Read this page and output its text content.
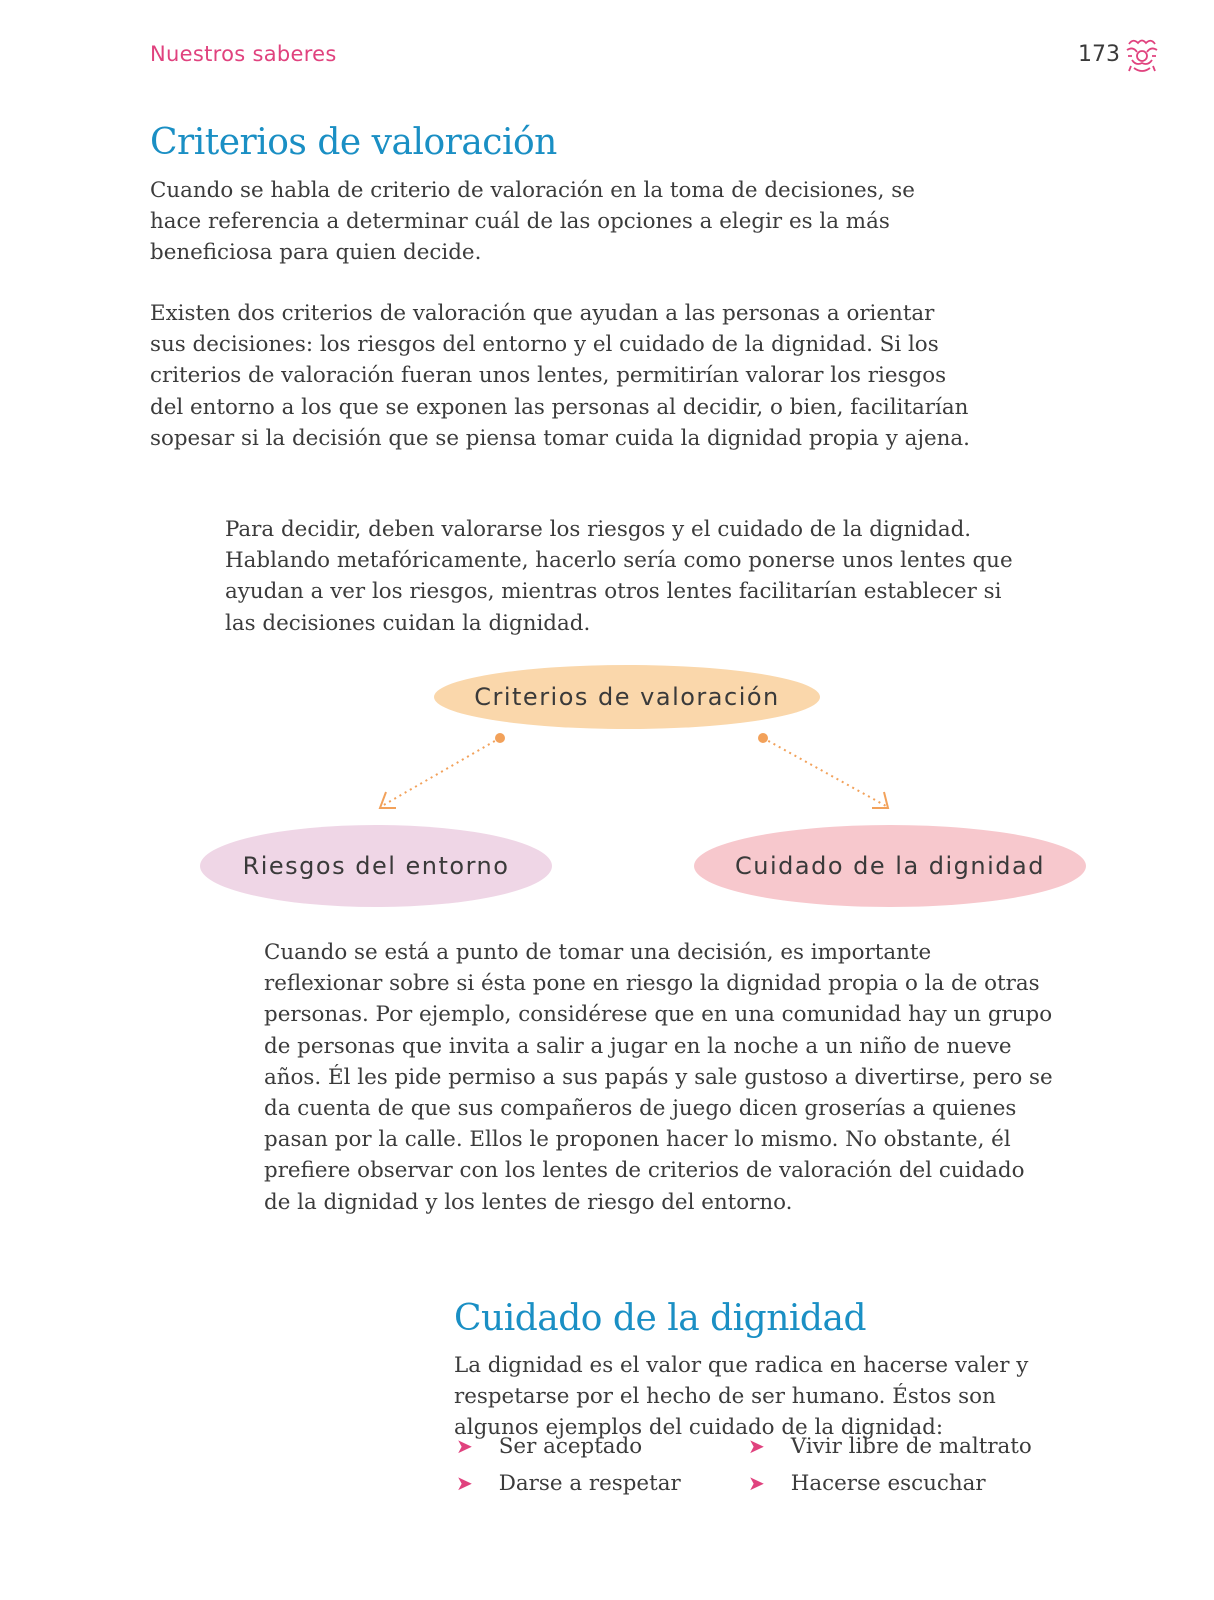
Nuestros saberes	173
Criterios de valoración

Cuando se habla de criterio de valoración en la toma de decisiones, se hace referencia a determinar cuál de las opciones a elegir es la más beneficiosa para quien decide.

Existen dos criterios de valoración que ayudan a las personas a orientar sus decisiones: los riesgos del entorno y el cuidado de la dignidad. Si los criterios de valoración fueran unos lentes, permitirían valorar los riesgos del entorno a los que se exponen las personas al decidir, o bien, facilitarían sopesar si la decisión que se piensa tomar cuida la dignidad propia y ajena.

Para decidir, deben valorarse los riesgos y el cuidado de la dignidad. Hablando metafóricamente, hacerlo sería como ponerse unos lentes que ayudan a ver los riesgos, mientras otros lentes facilitarían establecer si las decisiones cuidan la dignidad.

Criterios de valoración
Riesgos del entorno	Cuidado de la dignidad

Cuando se está a punto de tomar una decisión, es importante reflexionar sobre si ésta pone en riesgo la dignidad propia o la de otras personas. Por ejemplo, considérese que en una comunidad hay un grupo de personas que invita a salir a jugar en la noche a un niño de nueve años. Él les pide permiso a sus papás y sale gustoso a divertirse, pero se da cuenta de que sus compañeros de juego dicen groserías a quienes pasan por la calle. Ellos le proponen hacer lo mismo. No obstante, él prefiere observar con los lentes de criterios de valoración del cuidado de la dignidad y los lentes de riesgo del entorno.

Cuidado de la dignidad

La dignidad es el valor que radica en hacerse valer y respetarse por el hecho de ser humano. Éstos son algunos ejemplos del cuidado de la dignidad:

➤ Ser aceptado	➤ Vivir libre de maltrato
➤ Darse a respetar	➤ Hacerse escuchar
